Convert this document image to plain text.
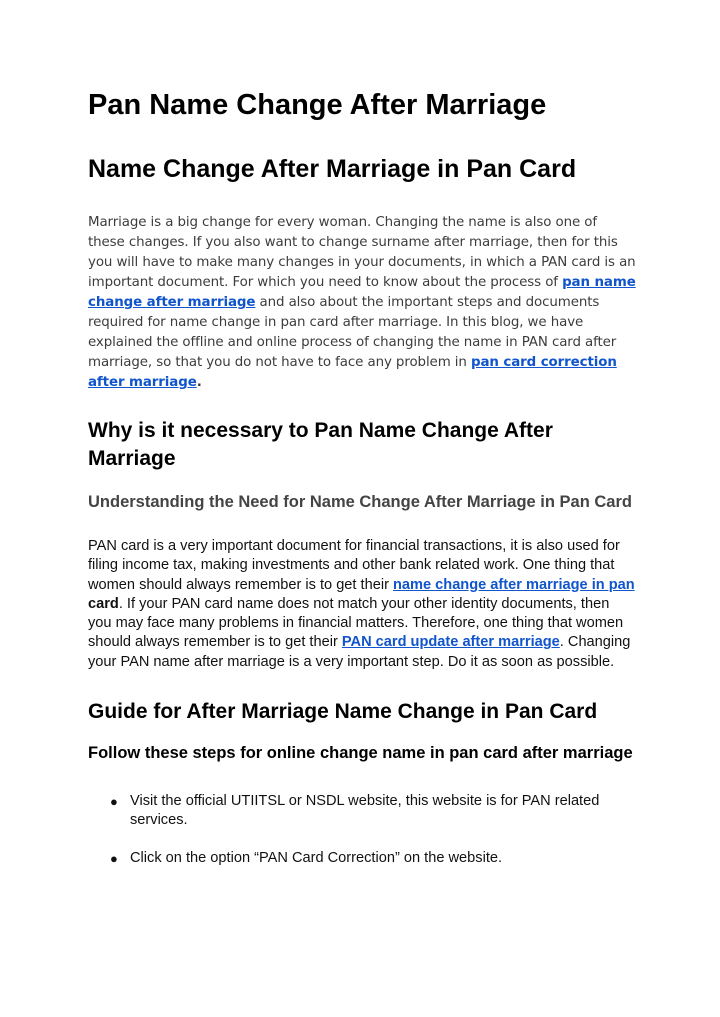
Pan Name Change After Marriage
Name Change After Marriage in Pan Card

Marriage is a big change for every woman. Changing the name is also one of these changes. If you also want to change surname after marriage, then for this you will have to make many changes in your documents, in which a PAN card is an important document. For which you need to know about the process of pan name change after marriage and also about the important steps and documents required for name change in pan card after marriage. In this blog, we have explained the offline and online process of changing the name in PAN card after marriage, so that you do not have to face any problem in pan card correction after marriage.

Why is it necessary to Pan Name Change After Marriage
Understanding the Need for Name Change After Marriage in Pan Card

PAN card is a very important document for financial transactions, it is also used for filing income tax, making investments and other bank related work. One thing that women should always remember is to get their name change after marriage in pan card. If your PAN card name does not match your other identity documents, then you may face many problems in financial matters. Therefore, one thing that women should always remember is to get their PAN card update after marriage. Changing your PAN name after marriage is a very important step. Do it as soon as possible.

Guide for After Marriage Name Change in Pan Card
Follow these steps for online change name in pan card after marriage
● Visit the official UTIITSL or NSDL website, this website is for PAN related services.
● Click on the option “PAN Card Correction” on the website.
